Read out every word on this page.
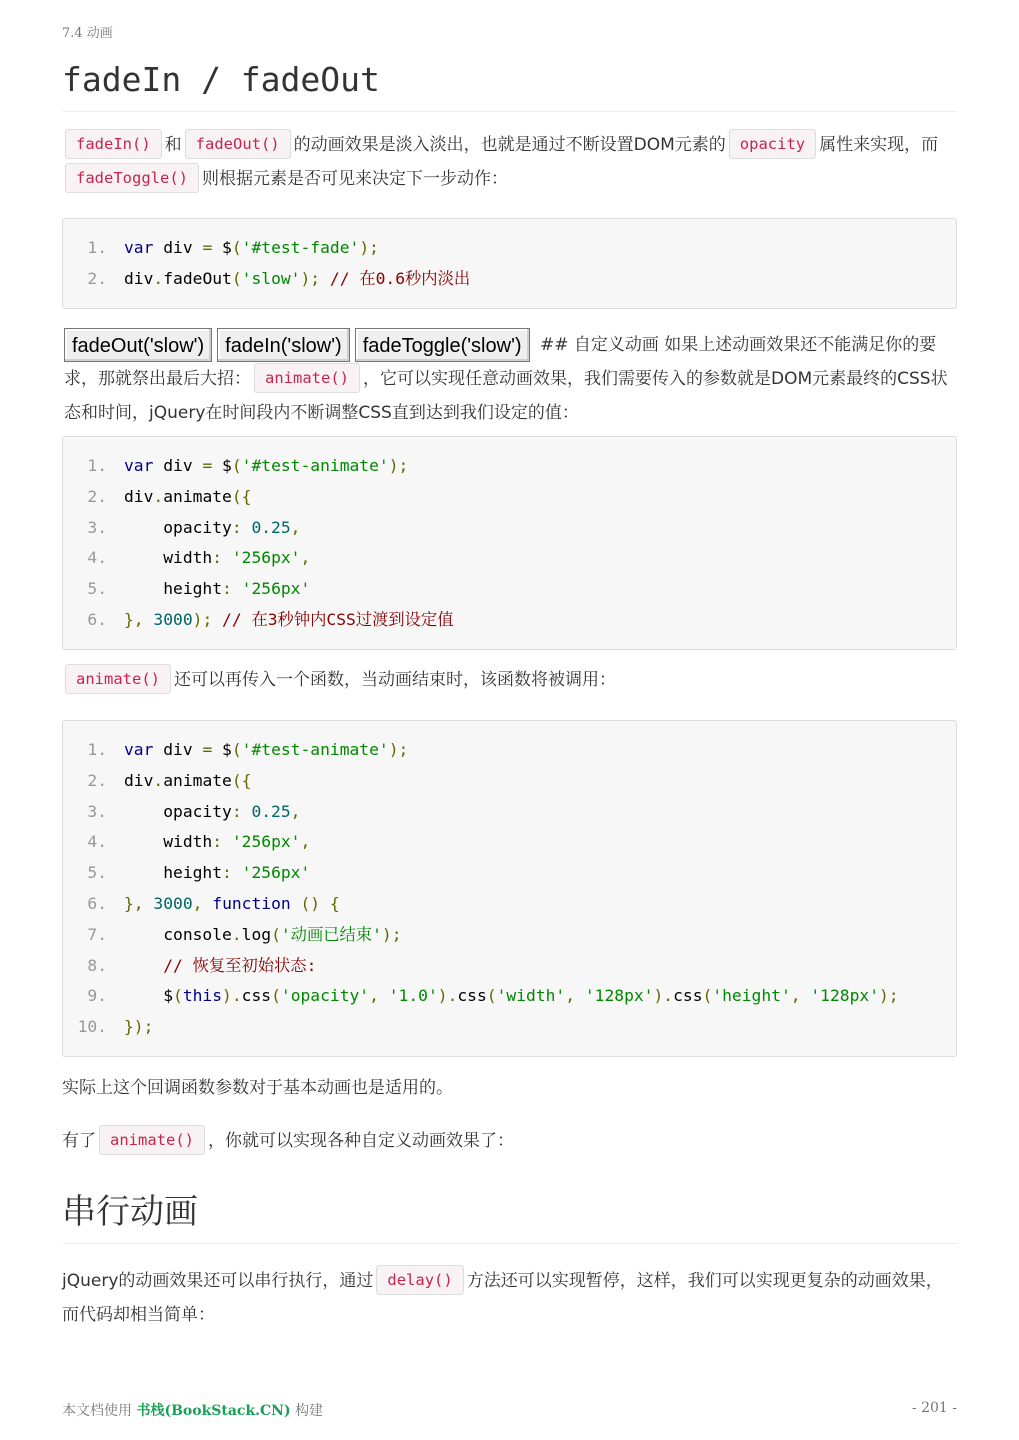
7.4 动画
fadeIn / fadeOut

fadeIn() 和 fadeOut() 的动画效果是淡入淡出，也就是通过不断设置DOM元素的 opacity 属性来实现，而fadeToggle() 则根据元素是否可见来决定下一步动作：

1. var div = $('#test-fade');
2. div.fadeOut('slow'); // 在0.6秒内淡出

fadeOut('slow') fadeIn('slow') fadeToggle('slow') ## 自定义动画 如果上述动画效果还不能满足你的要求，那就祭出最后大招： animate() ，它可以实现任意动画效果，我们需要传入的参数就是DOM元素最终的CSS状态和时间，jQuery在时间段内不断调整CSS直到达到我们设定的值：

1. var div = $('#test-animate');
2. div.animate({
3.    opacity: 0.25,
4.    width: '256px',
5.    height: '256px'
6. }, 3000); // 在3秒钟内CSS过渡到设定值

animate() 还可以再传入一个函数，当动画结束时，该函数将被调用：

1. var div = $('#test-animate');
2. div.animate({
3.    opacity: 0.25,
4.    width: '256px',
5.    height: '256px'
6. }, 3000, function () {
7.    console.log('动画已结束');
8.    // 恢复至初始状态:
9.    $(this).css('opacity', '1.0').css('width', '128px').css('height', '128px');
10. });

实际上这个回调函数参数对于基本动画也是适用的。

有了 animate() ，你就可以实现各种自定义动画效果了：

串行动画

jQuery的动画效果还可以串行执行，通过 delay() 方法还可以实现暂停，这样，我们可以实现更复杂的动画效果，而代码却相当简单：

本文档使用 书栈(BookStack.CN) 构建	- 201 -
